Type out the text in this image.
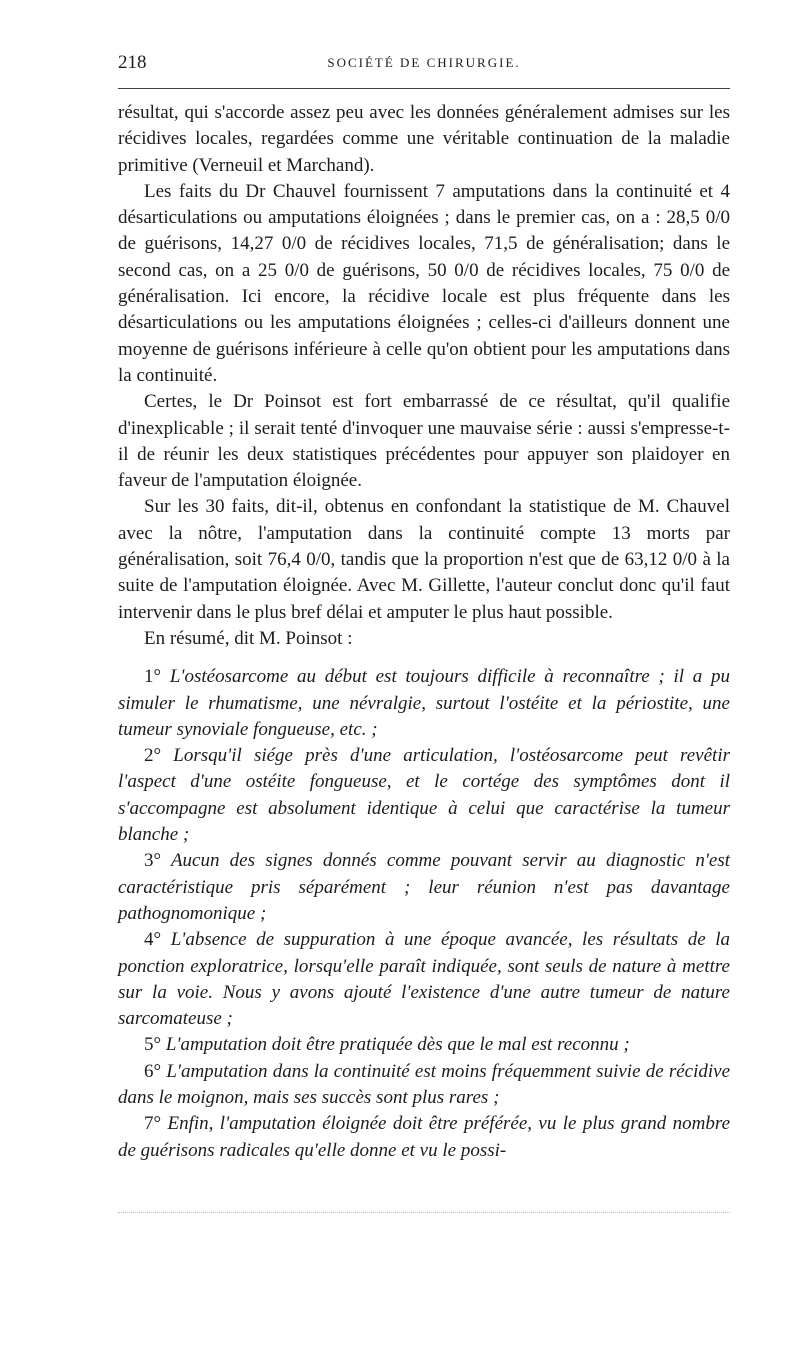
218	SOCIÉTÉ DE CHIRURGIE.

résultat, qui s'accorde assez peu avec les données généralement admises sur les récidives locales, regardées comme une véritable continuation de la maladie primitive (Verneuil et Marchand).

Les faits du Dr Chauvel fournissent 7 amputations dans la continuité et 4 désarticulations ou amputations éloignées ; dans le premier cas, on a : 28,5 0/0 de guérisons, 14,27 0/0 de récidives locales, 71,5 de généralisation; dans le second cas, on a 25 0/0 de guérisons, 50 0/0 de récidives locales, 75 0/0 de généralisation. Ici encore, la récidive locale est plus fréquente dans les désarticulations ou les amputations éloignées ; celles-ci d'ailleurs donnent une moyenne de guérisons inférieure à celle qu'on obtient pour les amputations dans la continuité.

Certes, le Dr Poinsot est fort embarrassé de ce résultat, qu'il qualifie d'inexplicable ; il serait tenté d'invoquer une mauvaise série : aussi s'empresse-t-il de réunir les deux statistiques précédentes pour appuyer son plaidoyer en faveur de l'amputation éloignée.

Sur les 30 faits, dit-il, obtenus en confondant la statistique de M. Chauvel avec la nôtre, l'amputation dans la continuité compte 13 morts par généralisation, soit 76,4 0/0, tandis que la proportion n'est que de 63,12 0/0 à la suite de l'amputation éloignée. Avec M. Gillette, l'auteur conclut donc qu'il faut intervenir dans le plus bref délai et amputer le plus haut possible.

En résumé, dit M. Poinsot :

1° L'ostéosarcome au début est toujours difficile à reconnaître ; il a pu simuler le rhumatisme, une névralgie, surtout l'ostéite et la périostite, une tumeur synoviale fongueuse, etc. ;

2° Lorsqu'il siége près d'une articulation, l'ostéosarcome peut revêtir l'aspect d'une ostéite fongueuse, et le cortége des symptômes dont il s'accompagne est absolument identique à celui que caractérise la tumeur blanche ;

3° Aucun des signes donnés comme pouvant servir au diagnostic n'est caractéristique pris séparément ; leur réunion n'est pas davantage pathognomonique ;

4° L'absence de suppuration à une époque avancée, les résultats de la ponction exploratrice, lorsqu'elle paraît indiquée, sont seuls de nature à mettre sur la voie. Nous y avons ajouté l'existence d'une autre tumeur de nature sarcomateuse ;

5° L'amputation doit être pratiquée dès que le mal est reconnu ;

6° L'amputation dans la continuité est moins fréquemment suivie de récidive dans le moignon, mais ses succès sont plus rares ;

7° Enfin, l'amputation éloignée doit être préférée, vu le plus grand nombre de guérisons radicales qu'elle donne et vu le possi-
